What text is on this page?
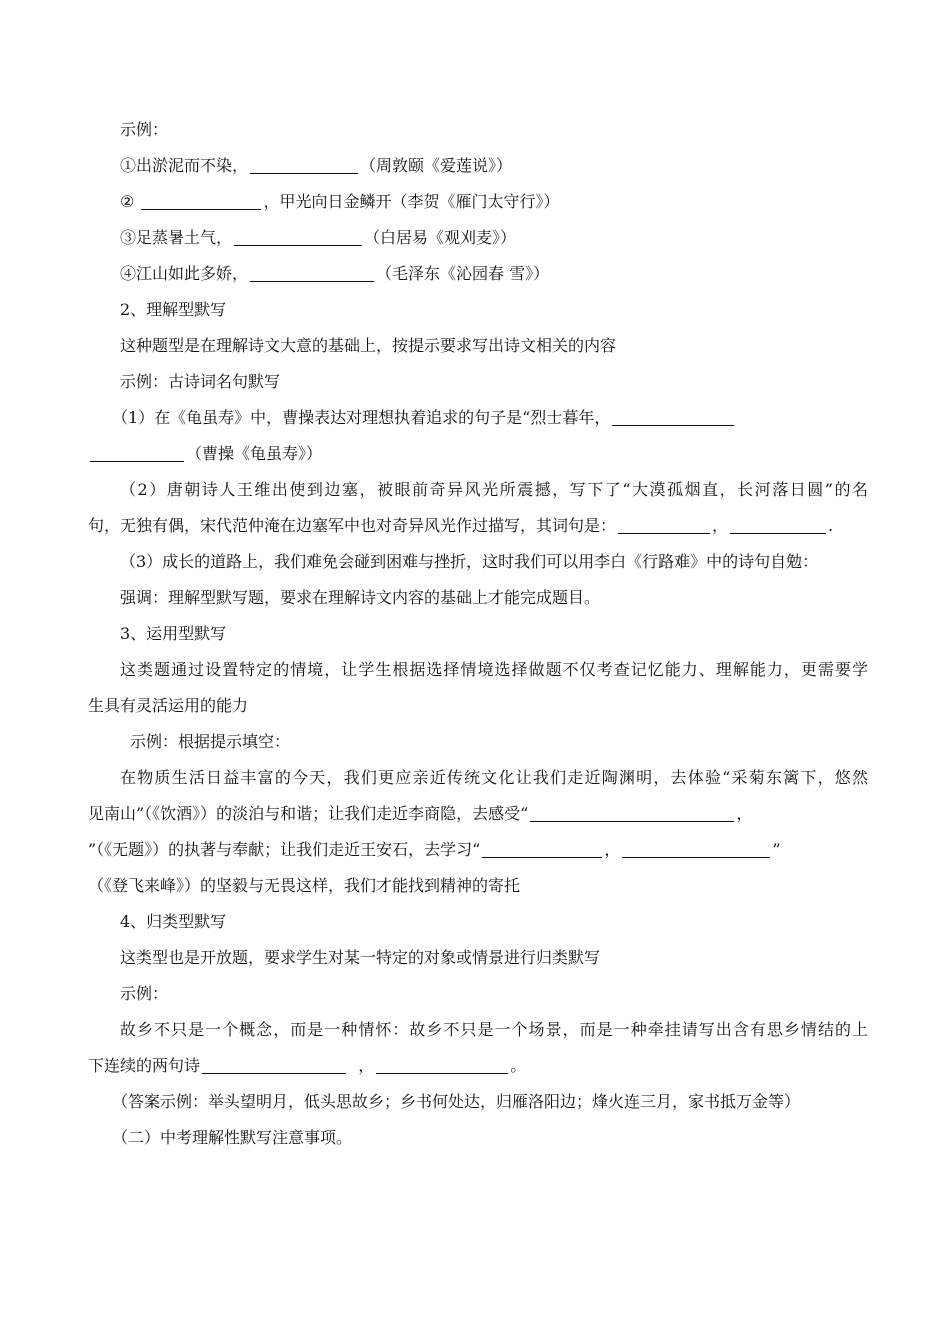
示例：

①出淤泥而不染，	（周敦颐《爱莲说》）

②	，甲光向日金鳞开（李贺《雁门太守行》）

③足蒸暑土气，	（白居易《观刈麦》）

④江山如此多娇，	（毛泽东《沁园春 雪》）

2、理解型默写

这种题型是在理解诗文大意的基础上，按提示要求写出诗文相关的内容

示例：古诗词名句默写

（1）在《龟虽寿》中，曹操表达对理想执着追求的句子是“烈士暮年，

（曹操《龟虽寿》）

（2）唐朝诗人王维出使到边塞，被眼前奇异风光所震撼，写下了“大漠孤烟直，长河落日圆”的名

句，无独有偶，宋代范仲淹在边塞军中也对奇异风光作过描写，其词句是：	，	.

（3）成长的道路上，我们难免会碰到困难与挫折，这时我们可以用李白《行路难》中的诗句自勉：

强调：理解型默写题，要求在理解诗文内容的基础上才能完成题目。

3、运用型默写

这类题通过设置特定的情境，让学生根据选择情境选择做题不仅考查记忆能力、理解能力，更需要学

生具有灵活运用的能力

示例：根据提示填空：

在物质生活日益丰富的今天，我们更应亲近传统文化让我们走近陶渊明，去体验“采菊东篱下，悠然

见南山”（《饮酒》）的淡泊与和谐；让我们走近李商隐，去感受“	，

”（《无题》）的执著与奉献；让我们走近王安石，去学习“	，	”

（《登飞来峰》）的坚毅与无畏这样，我们才能找到精神的寄托

4、归类型默写

这类型也是开放题，要求学生对某一特定的对象或情景进行归类默写

示例：

故乡不只是一个概念，而是一种情怀：故乡不只是一个场景，而是一种牵挂请写出含有思乡情结的上

下连续的两句诗	，	。

（答案示例：举头望明月，低头思故乡；乡书何处达，归雁洛阳边；烽火连三月，家书抵万金等）

（二）中考理解性默写注意事项。
